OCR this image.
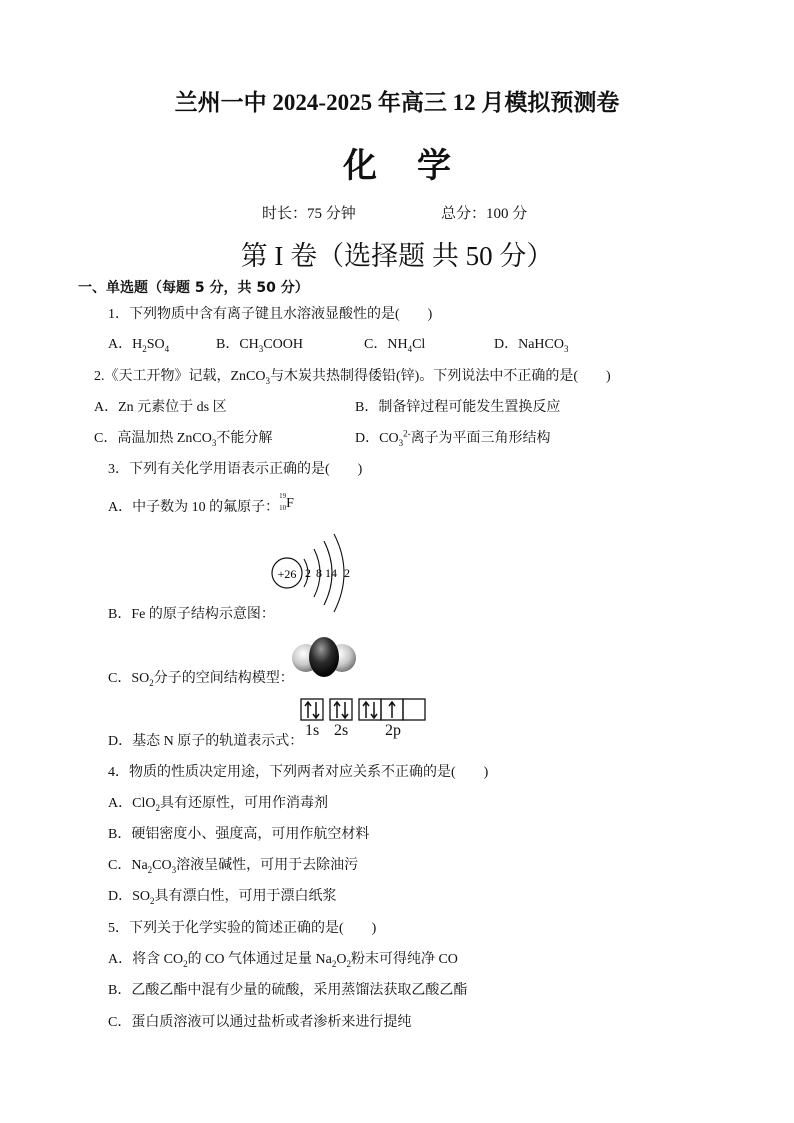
兰州一中 2024-2025 年高三 12 月模拟预测卷
化学
时长：75 分钟	总分：100 分
第 I 卷（选择题 共 50 分）
一、单选题（每题 5 分，共 50 分）
1．下列物质中含有离子键且水溶液显酸性的是(　　)
A．$H_2SO_4$	B．$CH_3COOH$	C．$NH_4Cl$	D．NaHCO$_3$
2.《天工开物》记载，ZnCO$_3$与木炭共热制得倭铅(锌)。下列说法中不正确的是(　　)
A．Zn 元素位于 ds 区	B．制备锌过程可能发生置换反应
C．高温加热 ZnCO$_3$不能分解	D．$CO_3^{2-}$离子为平面三角形结构
3．下列有关化学用语表示正确的是(　　)
A．中子数为 10 的氟原子：
19
10 F
+26 2 8 14 2
B．Fe 的原子结构示意图：
C．$SO_2$分子的空间结构模型：
1s 2s 2p
D．基态 N 原子的轨道表示式：
4．物质的性质决定用途，下列两者对应关系不正确的是(　　)
A．ClO$_2$具有还原性，可用作消毒剂
B．硬铝密度小、强度高，可用作航空材料
C．$Na_2CO_3$溶液呈碱性，可用于去除油污
D．$SO_2$具有漂白性，可用于漂白纸浆
5．下列关于化学实验的简述正确的是(　　)
A．将含 $CO_2$的 CO 气体通过足量 $Na_2O_2$粉末可得纯净 CO
B．乙酸乙酯中混有少量的硫酸，采用蒸馏法获取乙酸乙酯
C．蛋白质溶液可以通过盐析或者渗析来进行提纯
